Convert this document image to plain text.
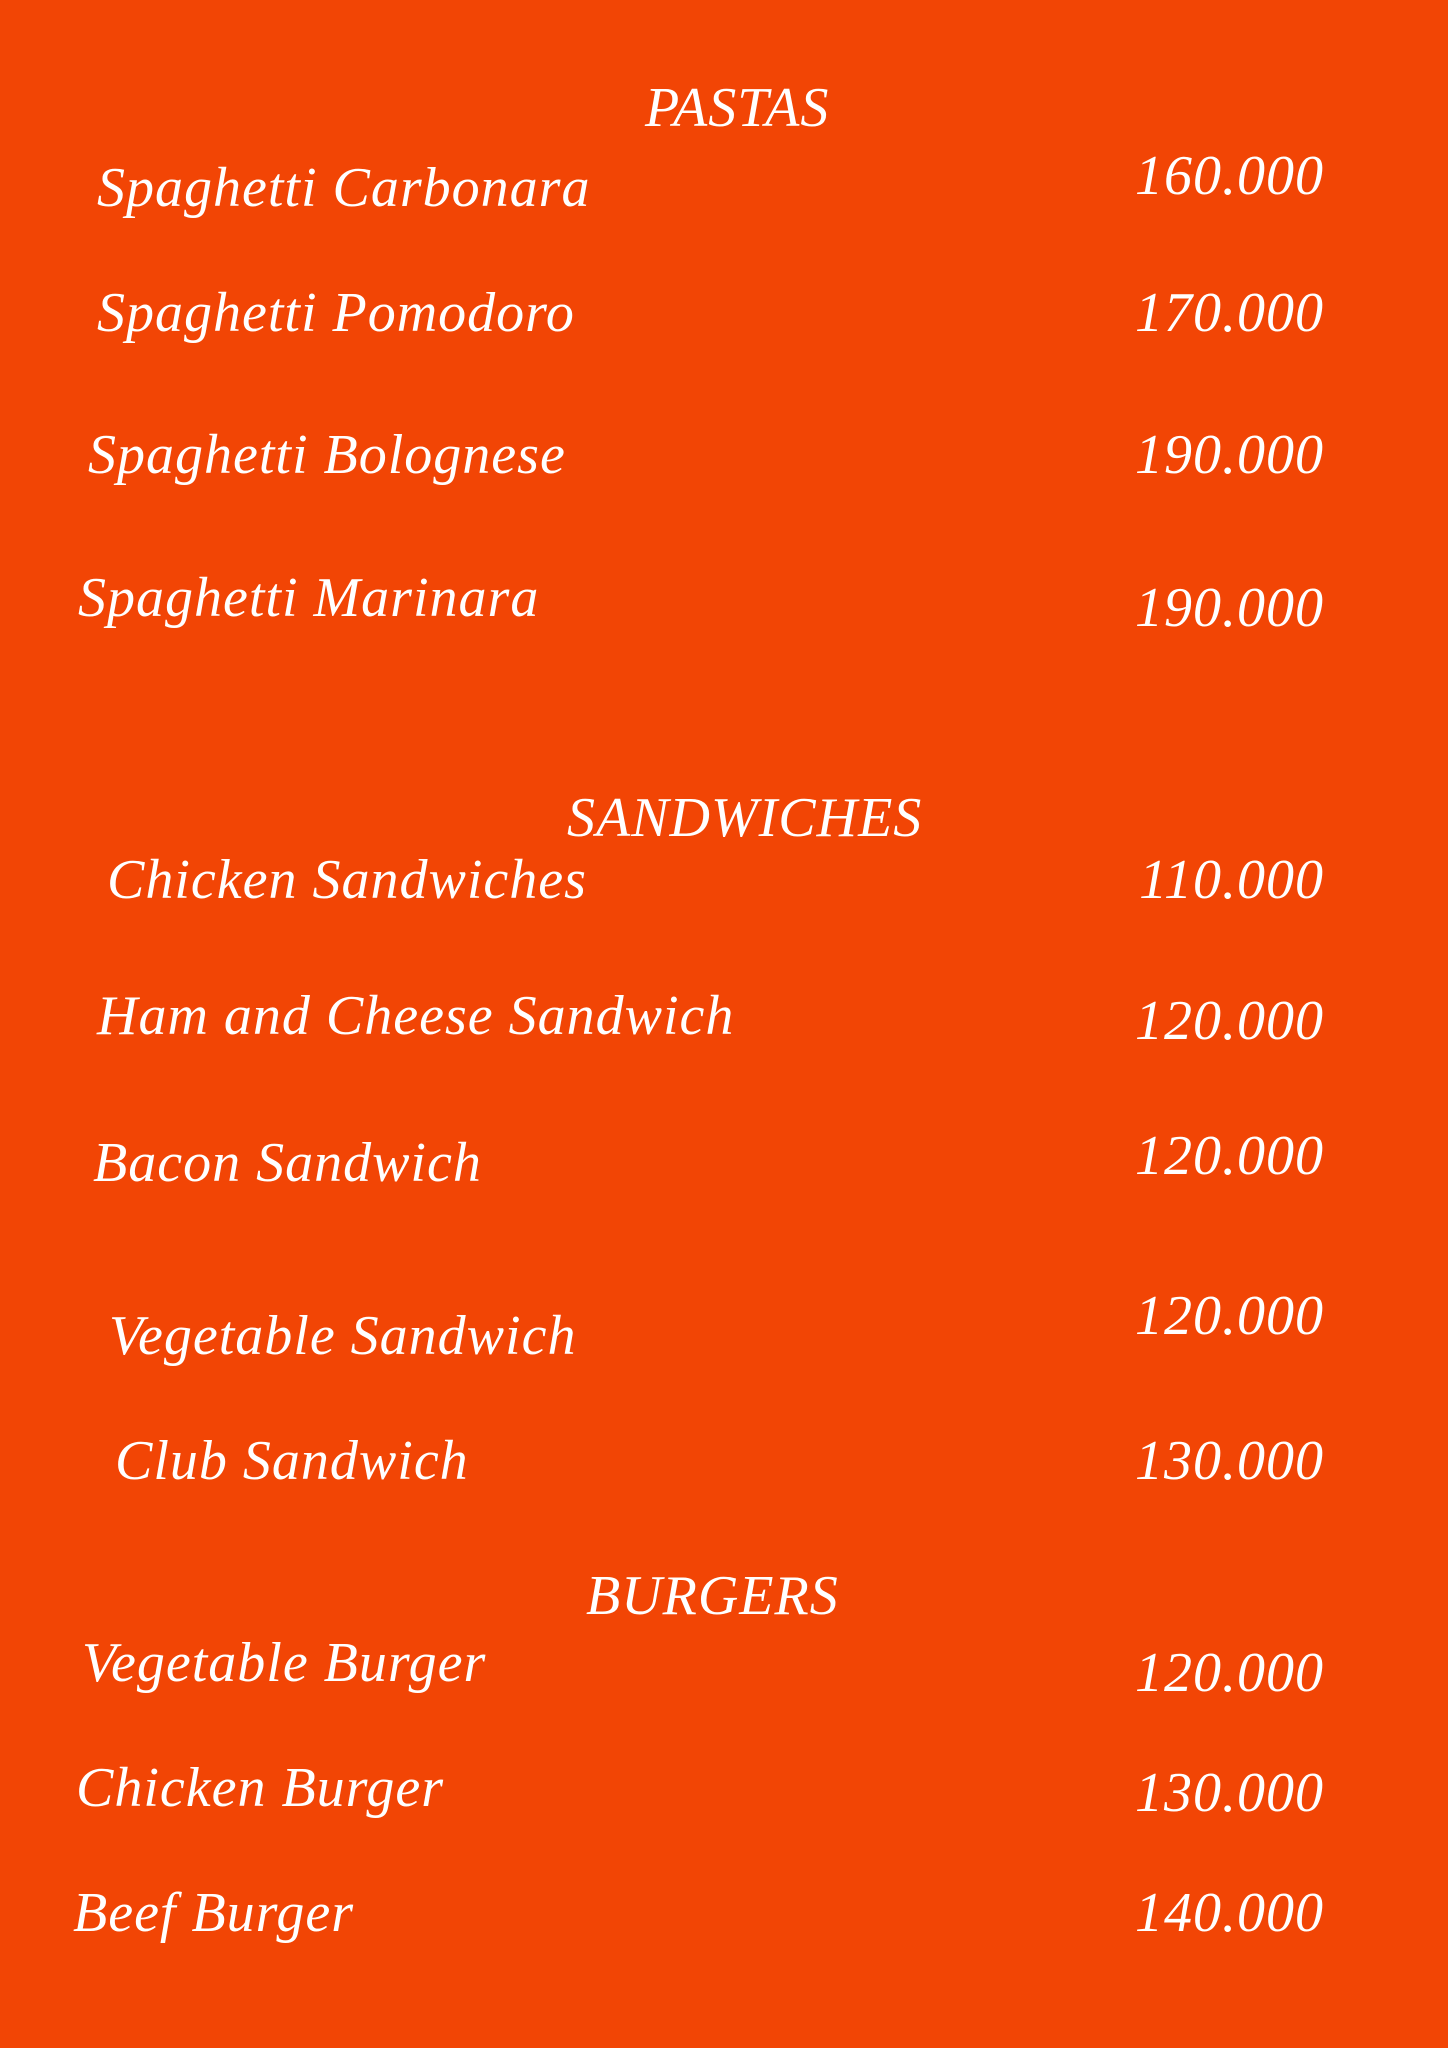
PASTAS
Spaghetti Carbonara	160.000
Spaghetti Pomodoro	170.000
Spaghetti Bolognese	190.000
Spaghetti Marinara	190.000
SANDWICHES
Chicken Sandwiches	110.000
Ham and Cheese Sandwich	120.000
Bacon Sandwich	120.000
Vegetable Sandwich	120.000
Club Sandwich	130.000
BURGERS
Vegetable Burger	120.000
Chicken Burger	130.000
Beef Burger	140.000
